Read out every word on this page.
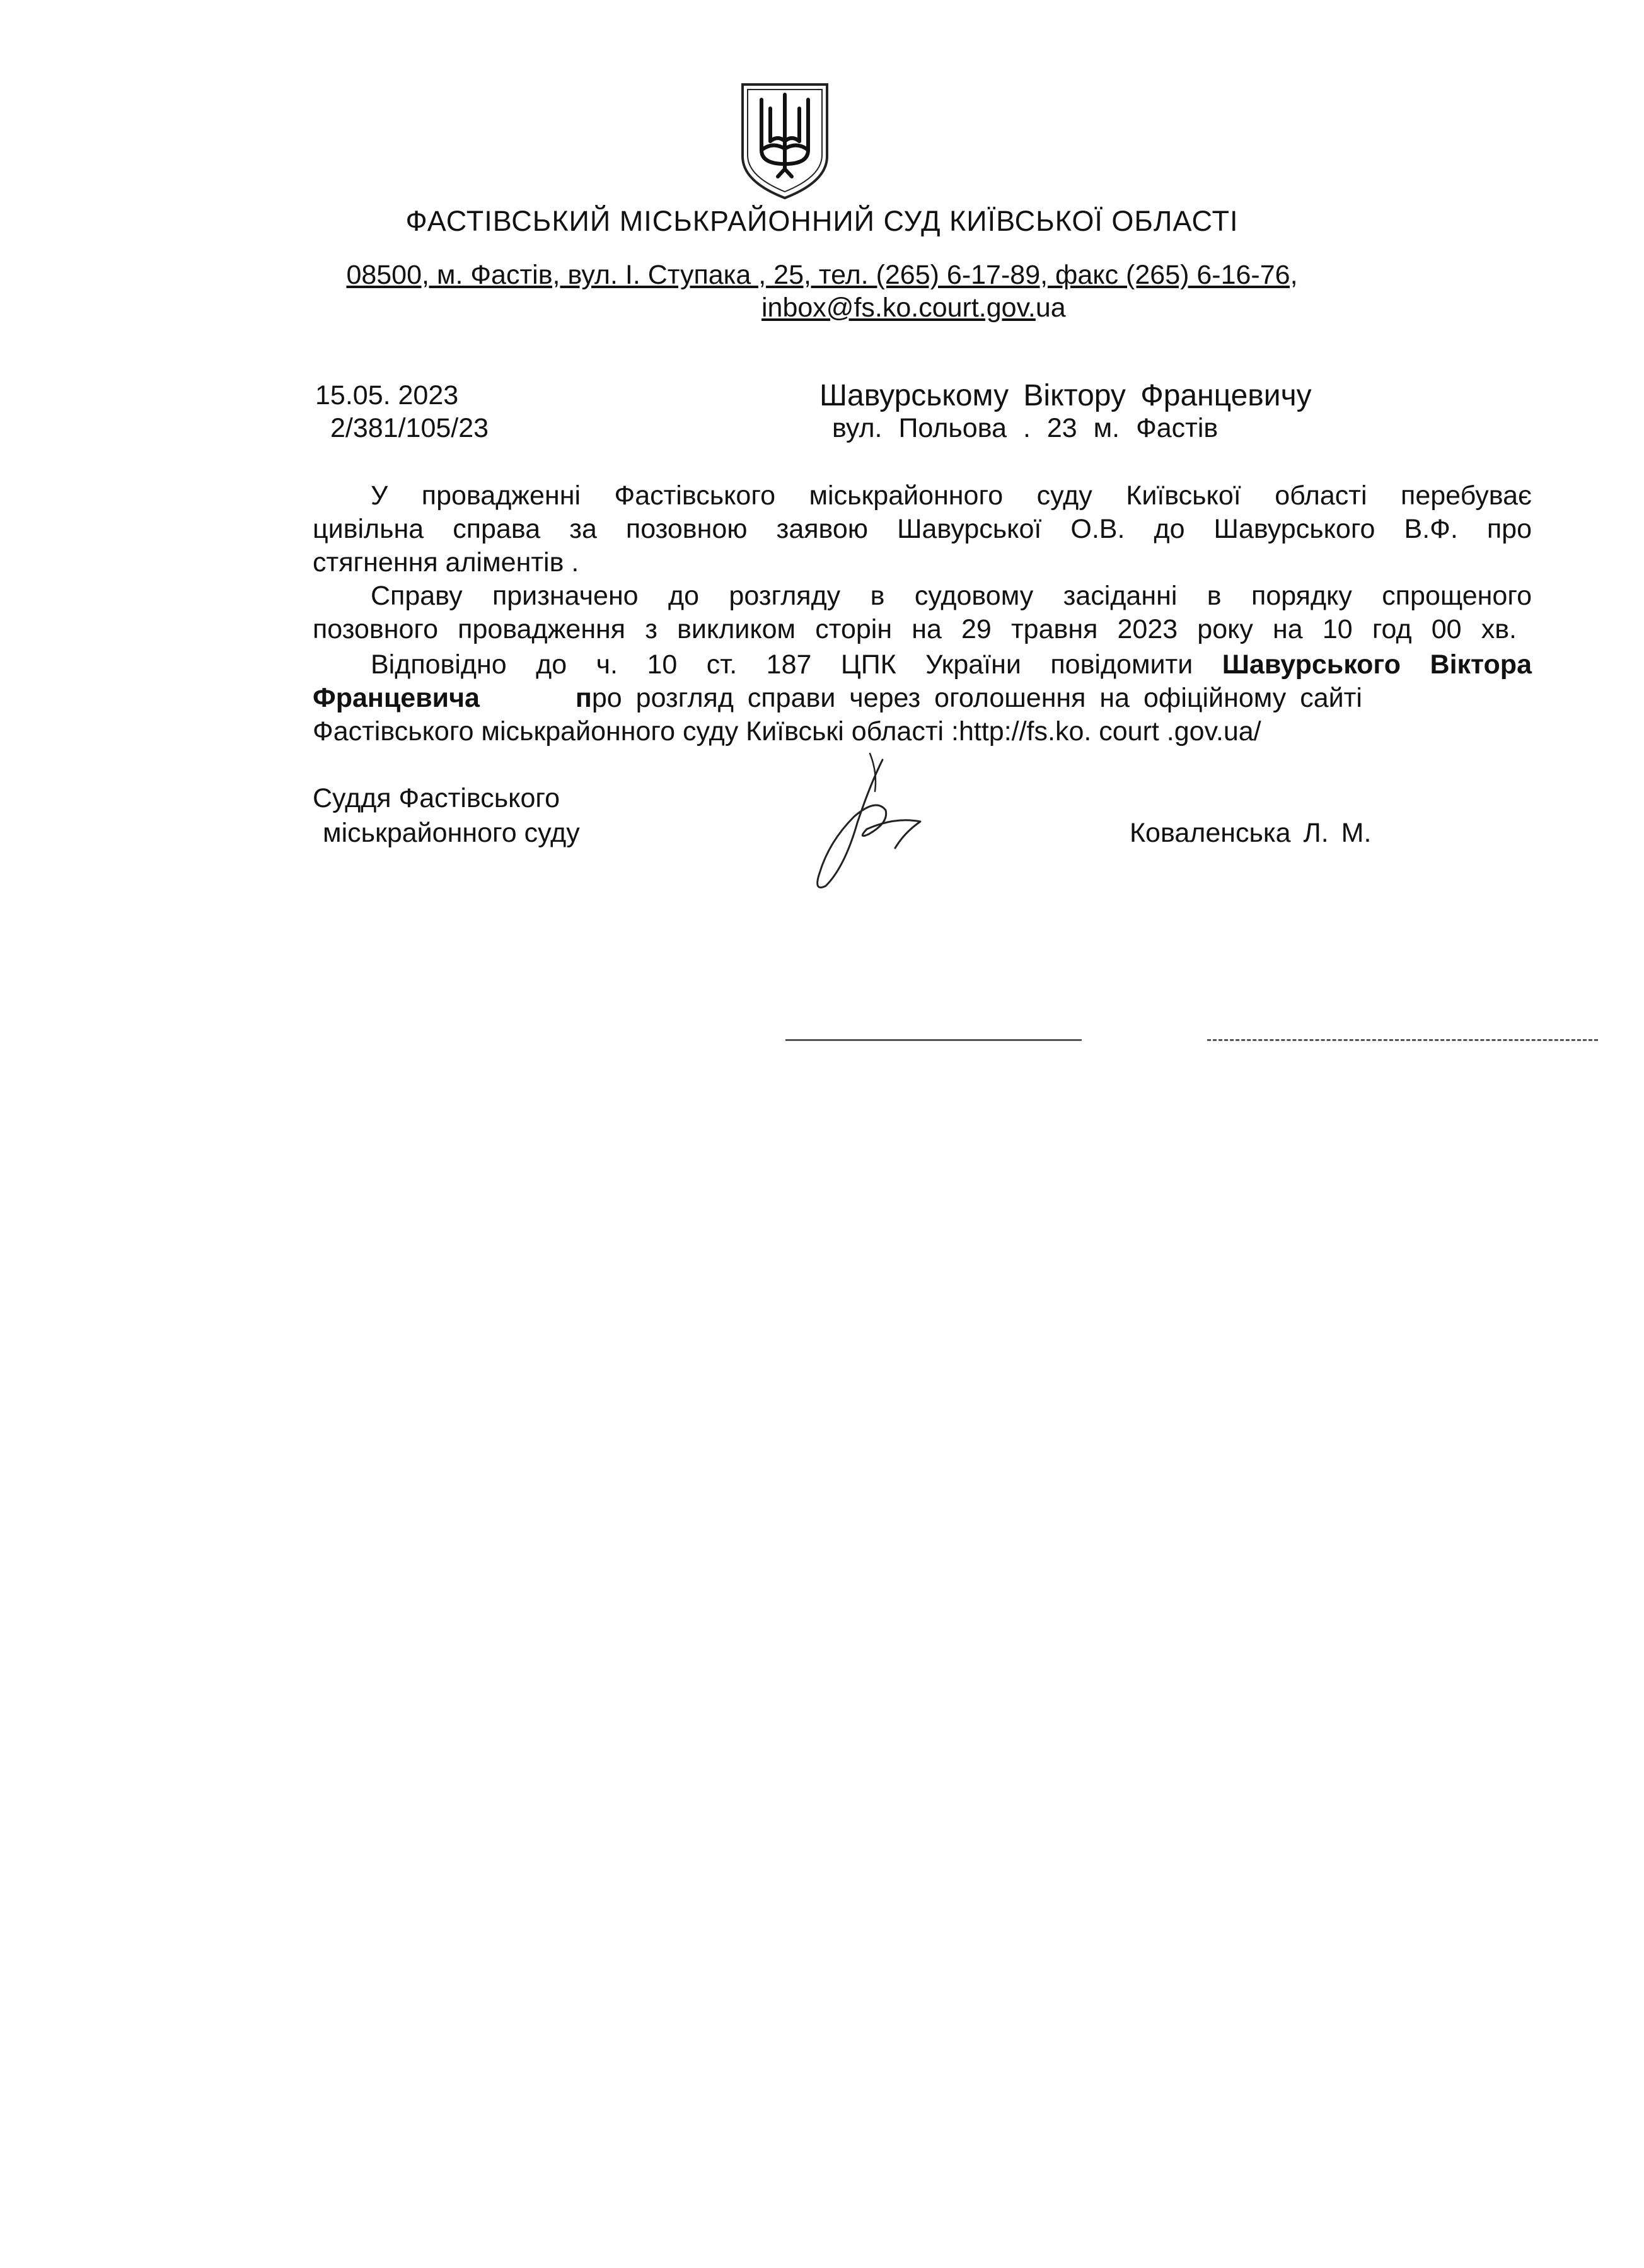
ФАСТІВСЬКИЙ МІСЬКРАЙОННИЙ СУД КИЇВСЬКОЇ ОБЛАСТІ
08500, м. Фастів, вул. І. Ступака , 25, тел. (265) 6-17-89, факс (265) 6-16-76,
inbox@fs.ko.court.gov.ua
15.05. 2023
2/381/105/23
Шавурському Віктору Францевичу
вул. Польова . 23 м. Фастів
У провадженні Фастівського міськрайонного суду Київської області перебуває
цивільна справа за позовною заявою Шавурської О.В. до Шавурського В.Ф. про
стягнення аліментів .
Справу призначено до розгляду в судовому засіданні в порядку спрощеного
позовного провадження з викликом сторін на 29 травня 2023 року на 10 год 00 хв.
Відповідно до ч. 10 ст. 187 ЦПК України повідомити Шавурського Віктора
Францевича	про розгляд справи через оголошення на офіційному сайті
Фастівського міськрайонного суду Київські області :http://fs.ko. court .gov.ua/
Суддя Фастівського
міськрайонного суду	Коваленська Л. М.
